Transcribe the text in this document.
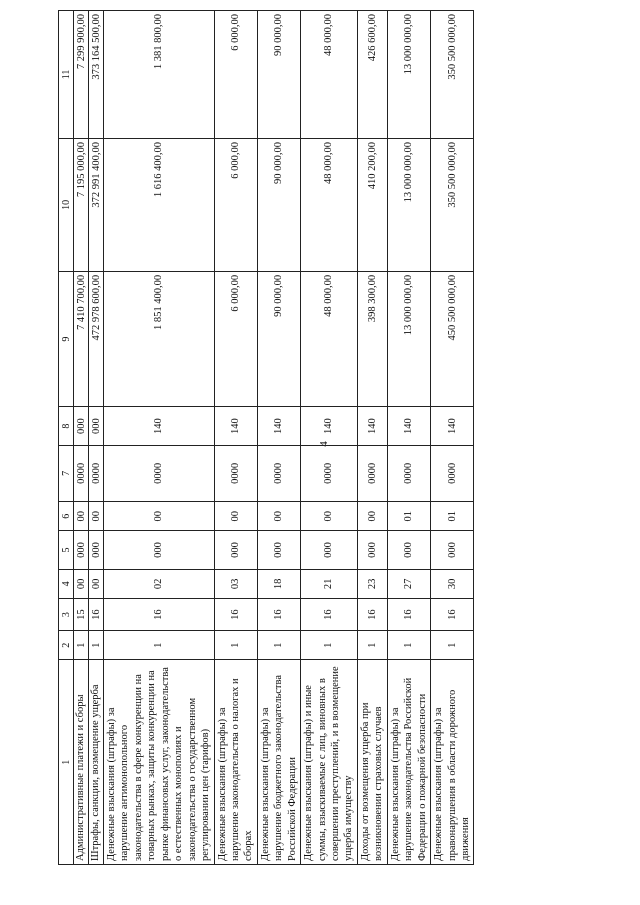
4
1	2	3	4	5	6	7	8	9	10	11
Административные платежи и сборы	1	15	00	000	00	0000	000	7 410 700,00	7 195 000,00	7 299 900,00
Штрафы, санкции, возмещение ущерба	1	16	00	000	00	0000	000	472 978 600,00	372 991 400,00	373 164 500,00
Денежные взыскания (штрафы) за нарушение антимонопольного законодательства в сфере конкуренции на товарных рынках, защиты конкуренции на рынке финансовых услуг, законодательства о естественных монополиях и законодательства о государственном регулировании цен (тарифов)	1	16	02	000	00	0000	140	1 851 400,00	1 616 400,00	1 381 800,00
Денежные взыскания (штрафы) за нарушение законодательства о налогах и сборах	1	16	03	000	00	0000	140	6 000,00	6 000,00	6 000,00
Денежные взыскания (штрафы) за нарушение бюджетного законодательства Российской Федерации	1	16	18	000	00	0000	140	90 000,00	90 000,00	90 000,00
Денежные взыскания (штрафы) и иные суммы, взыскиваемые с лиц, виновных в совершении преступлений, и в возмещение ущерба имуществу	1	16	21	000	00	0000	140	48 000,00	48 000,00	48 000,00
Доходы от возмещения ущерба при возникновении страховых случаев	1	16	23	000	00	0000	140	398 300,00	410 200,00	426 600,00
Денежные взыскания (штрафы) за нарушение законодательства Российской Федерации о пожарной безопасности	1	16	27	000	01	0000	140	13 000 000,00	13 000 000,00	13 000 000,00
Денежные взыскания (штрафы) за правонарушения в области дорожного движения	1	16	30	000	01	0000	140	450 500 000,00	350 500 000,00	350 500 000,00
